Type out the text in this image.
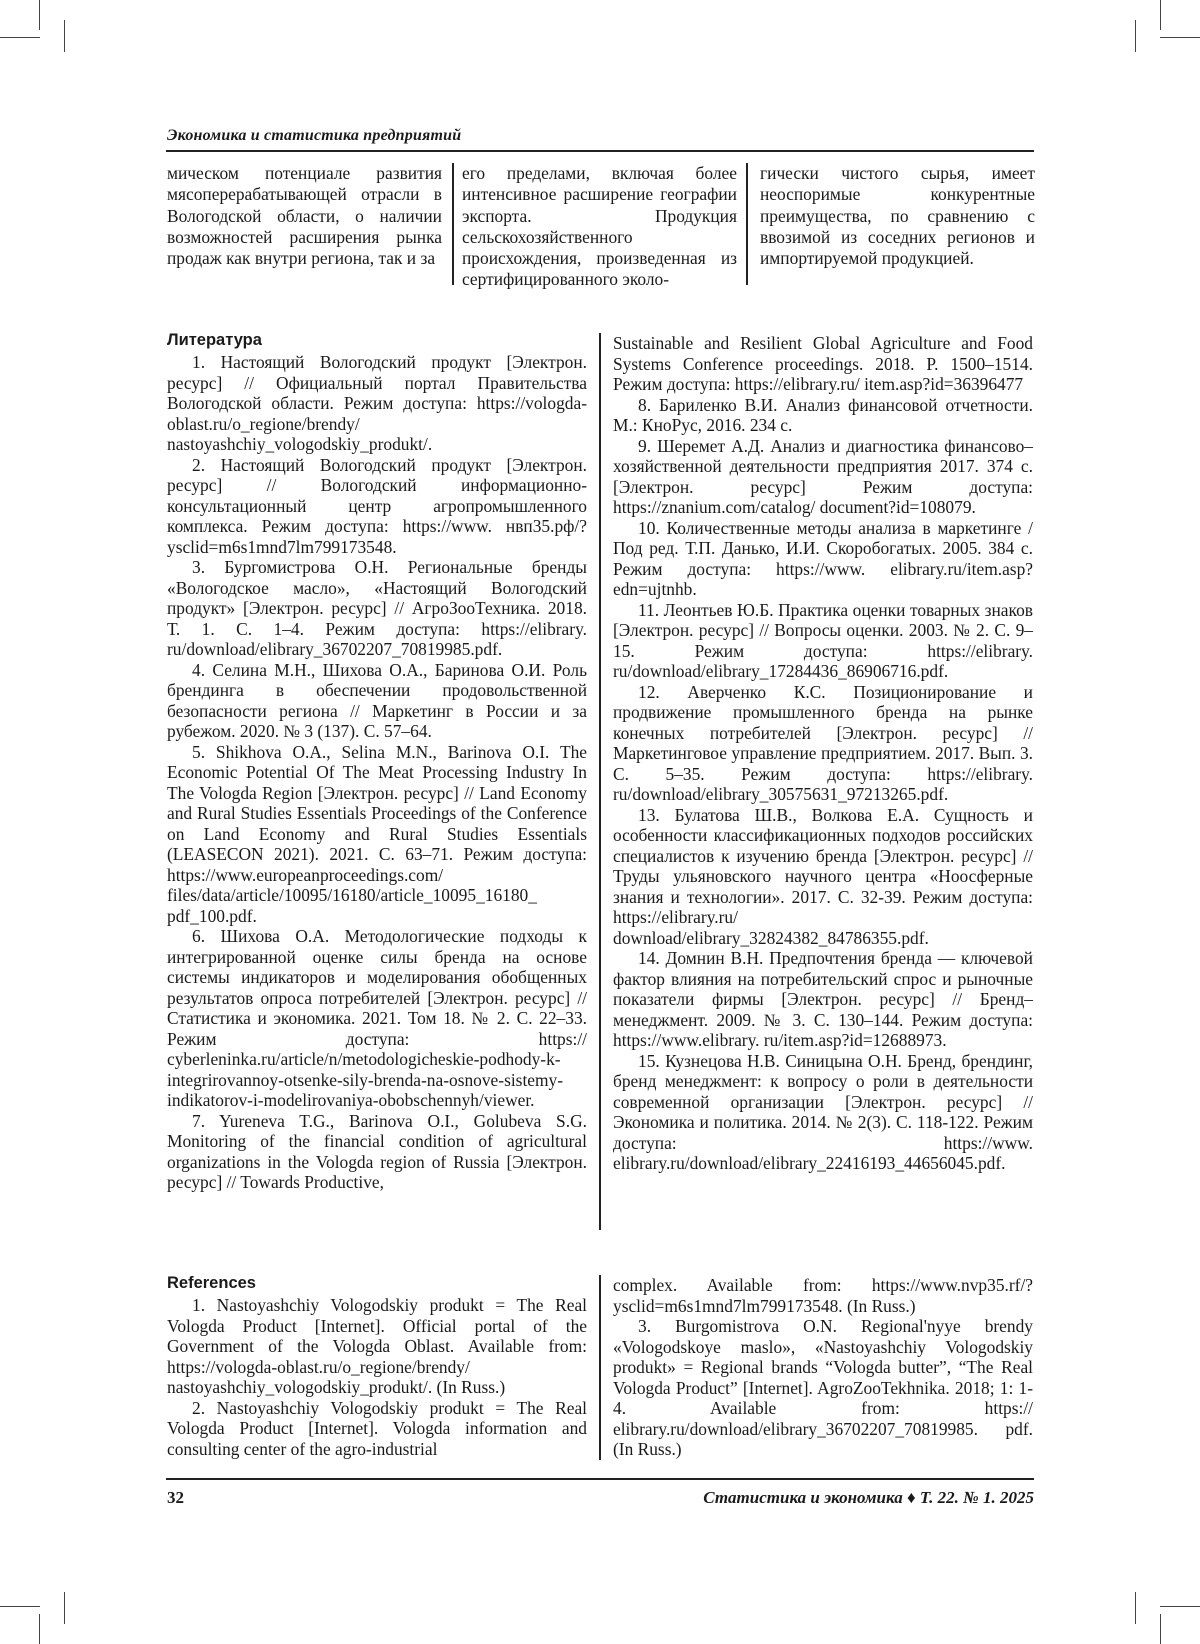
Экономика и статистика предприятий
мическом потенциале развития мясоперерабатывающей отрасли в Вологодской области, о наличии возможностей расширения рынка продаж как внутри региона, так и за
его пределами, включая более интенсивное расширение географии экспорта. Продукция сельскохозяйственного происхождения, произведенная из сертифицированного эколо-
гически чистого сырья, имеет неоспоримые конкурентные преимущества, по сравнению с ввозимой из соседних регионов и импортируемой продукцией.
Литература

1. Настоящий Вологодский продукт [Электрон. ресурс] // Официальный портал Правительства Вологодской области. Режим доступа: https://vologda-oblast.ru/o_regione/brendy/ nastoyashchiy_vologodskiy_produkt/.

2. Настоящий Вологодский продукт [Электрон. ресурс] // Вологодский информационно-консультационный центр агропромышленного комплекса. Режим доступа: https://www. нвп35.рф/?ysclid=m6s1mnd7lm799173548.

3. Бургомистрова О.Н. Региональные бренды «Вологодское масло», «Настоящий Вологодский продукт» [Электрон. ресурс] // АгроЗооТехника. 2018. Т. 1. С. 1–4. Режим доступа: https://elibrary. ru/download/elibrary_36702207_70819985.pdf.

4. Селина М.Н., Шихова О.А., Баринова О.И. Роль брендинга в обеспечении продовольственной безопасности региона // Маркетинг в России и за рубежом. 2020. № 3 (137). С. 57–64.

5. Shikhova O.A., Selina M.N., Barinova O.I. The Economic Potential Of The Meat Processing Industry In The Vologda Region [Электрон. ресурс] // Land Economy and Rural Studies Essentials Proceedings of the Conference on Land Economy and Rural Studies Essentials (LEASECON 2021). 2021. С. 63–71. Режим доступа: https://www.europeanproceedings.com/ files/data/article/10095/16180/article_10095_16180_ pdf_100.pdf.

6. Шихова О.А. Методологические подходы к интегрированной оценке силы бренда на основе системы индикаторов и моделирования обобщенных результатов опроса потребителей [Электрон. ресурс] // Статистика и экономика. 2021. Том 18. № 2. С. 22–33. Режим доступа: https:// cyberleninka.ru/article/n/metodologicheskie-podhody-k-integrirovannoy-otsenke-sily-brenda-na-osnove-sistemy-indikatorov-i-modelirovaniya-obobschennyh/viewer.

7. Yureneva T.G., Barinova O.I., Golubeva S.G. Monitoring of the financial condition of agricultural organizations in the Vologda region of Russia [Электрон. ресурс] // Towards Productive,

Sustainable and Resilient Global Agriculture and Food Systems Conference proceedings. 2018. P. 1500–1514. Режим доступа: https://elibrary.ru/ item.asp?id=36396477

8. Бариленко В.И. Анализ финансовой отчетности. М.: КноРус, 2016. 234 с.

9. Шеремет А.Д. Анализ и диагностика финансово–хозяйственной деятельности предприятия 2017. 374 с. [Электрон. ресурс] Режим доступа: https://znanium.com/catalog/ document?id=108079.

10. Количественные методы анализа в маркетинге / Под ред. Т.П. Данько, И.И. Скоробогатых. 2005. 384 с. Режим доступа: https://www. elibrary.ru/item.asp?edn=ujtnhb.

11. Леонтьев Ю.Б. Практика оценки товарных знаков [Электрон. ресурс] // Вопросы оценки. 2003. № 2. С. 9–15. Режим доступа: https://elibrary. ru/download/elibrary_17284436_86906716.pdf.

12. Аверченко К.С. Позиционирование и продвижение промышленного бренда на рынке конечных потребителей [Электрон. ресурс] // Маркетинговое управление предприятием. 2017. Вып. 3. С. 5–35. Режим доступа: https://elibrary. ru/download/elibrary_30575631_97213265.pdf.

13. Булатова Ш.В., Волкова Е.А. Сущность и особенности классификационных подходов российских специалистов к изучению бренда [Электрон. ресурс] // Труды ульяновского научного центра «Ноосферные знания и технологии». 2017. С. 32-39. Режим доступа: https://elibrary.ru/ download/elibrary_32824382_84786355.pdf.

14. Домнин В.Н. Предпочтения бренда — ключевой фактор влияния на потребительский спрос и рыночные показатели фирмы [Электрон. ресурс] // Бренд–менеджмент. 2009. № 3. С. 130–144. Режим доступа: https://www.elibrary. ru/item.asp?id=12688973.

15. Кузнецова Н.В. Синицына О.Н. Бренд, брендинг, бренд менеджмент: к вопросу о роли в деятельности современной организации [Электрон. ресурс] // Экономика и политика. 2014. № 2(3). С. 118-122. Режим доступа: https://www. elibrary.ru/download/elibrary_22416193_44656045.pdf.

References

1. Nastoyashchiy Vologodskiy produkt = The Real Vologda Product [Internet]. Official portal of the Government of the Vologda Oblast. Available from: https://vologda-oblast.ru/o_regione/brendy/ nastoyashchiy_vologodskiy_produkt/. (In Russ.)

2. Nastoyashchiy Vologodskiy produkt = The Real Vologda Product [Internet]. Vologda information and consulting center of the agro-industrial

complex. Available from: https://www.nvp35.rf/?ysclid=m6s1mnd7lm799173548. (In Russ.)

3. Burgomistrova O.N. Regional'nyye brendy «Vologodskoye maslo», «Nastoyashchiy Vologodskiy produkt» = Regional brands “Vologda butter”, “The Real Vologda Product” [Internet]. AgroZooTekhnika. 2018; 1: 1-4. Available from: https:// elibrary.ru/download/elibrary_36702207_70819985. pdf. (In Russ.)

32	Статистика и экономика ♦ Т. 22. № 1. 2025
